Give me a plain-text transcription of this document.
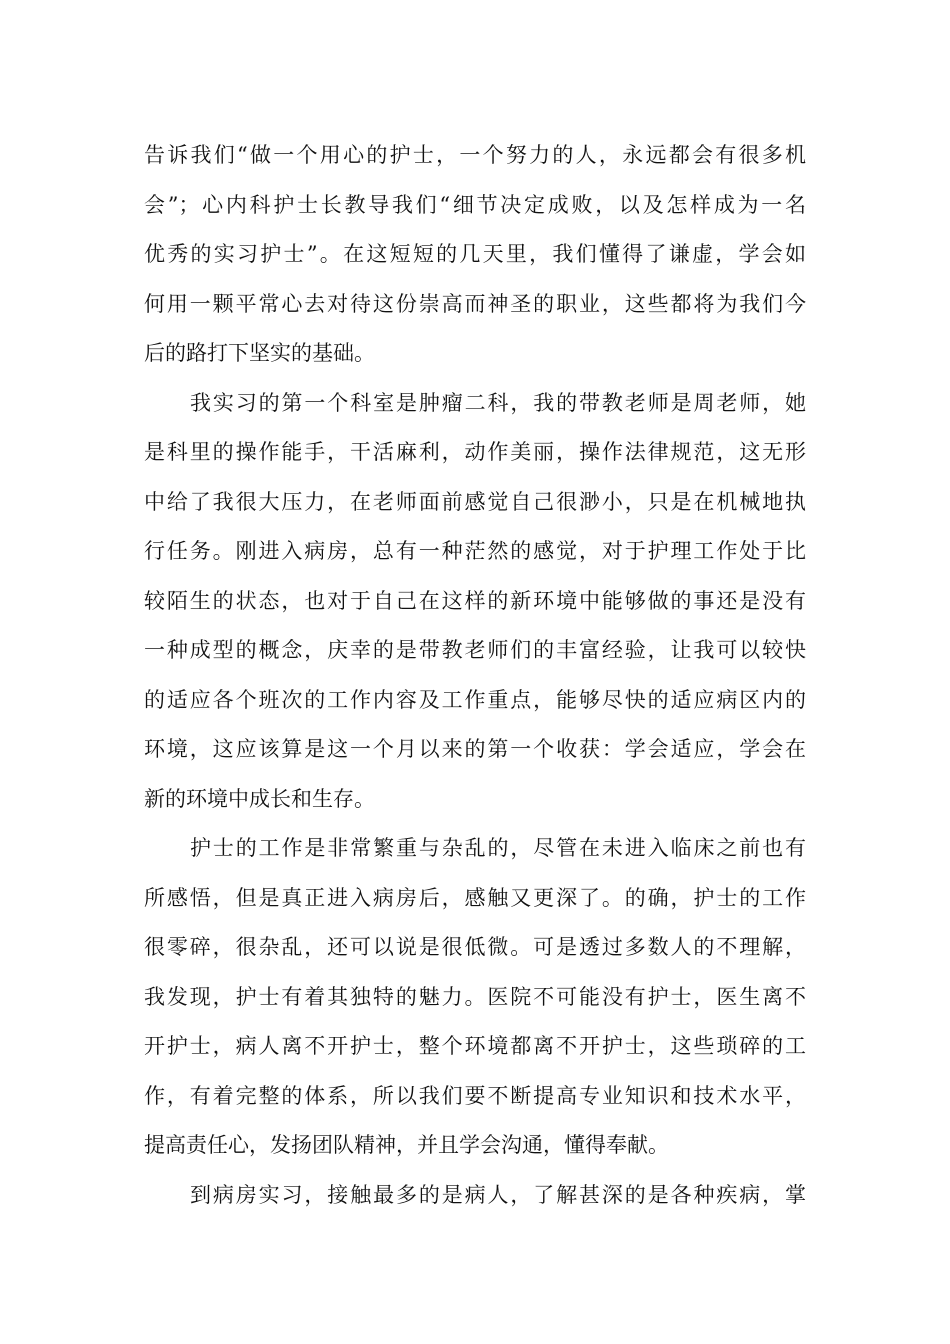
告诉我们“做一个用心的护士，一个努力的人，永远都会有很多机
会”；心内科护士长教导我们“细节决定成败，以及怎样成为一名
优秀的实习护士”。在这短短的几天里，我们懂得了谦虚，学会如
何用一颗平常心去对待这份崇高而神圣的职业，这些都将为我们今
后的路打下坚实的基础。
我实习的第一个科室是肿瘤二科，我的带教老师是周老师，她
是科里的操作能手，干活麻利，动作美丽，操作法律规范，这无形
中给了我很大压力，在老师面前感觉自己很渺小，只是在机械地执
行任务。刚进入病房，总有一种茫然的感觉，对于护理工作处于比
较陌生的状态，也对于自己在这样的新环境中能够做的事还是没有
一种成型的概念，庆幸的是带教老师们的丰富经验，让我可以较快
的适应各个班次的工作内容及工作重点，能够尽快的适应病区内的
环境，这应该算是这一个月以来的第一个收获：学会适应，学会在
新的环境中成长和生存。
护士的工作是非常繁重与杂乱的，尽管在未进入临床之前也有
所感悟，但是真正进入病房后，感触又更深了。的确，护士的工作
很零碎，很杂乱，还可以说是很低微。可是透过多数人的不理解，
我发现，护士有着其独特的魅力。医院不可能没有护士，医生离不
开护士，病人离不开护士，整个环境都离不开护士，这些琐碎的工
作，有着完整的体系，所以我们要不断提高专业知识和技术水平，
提高责任心，发扬团队精神，并且学会沟通，懂得奉献。
到病房实习，接触最多的是病人，了解甚深的是各种疾病，掌
